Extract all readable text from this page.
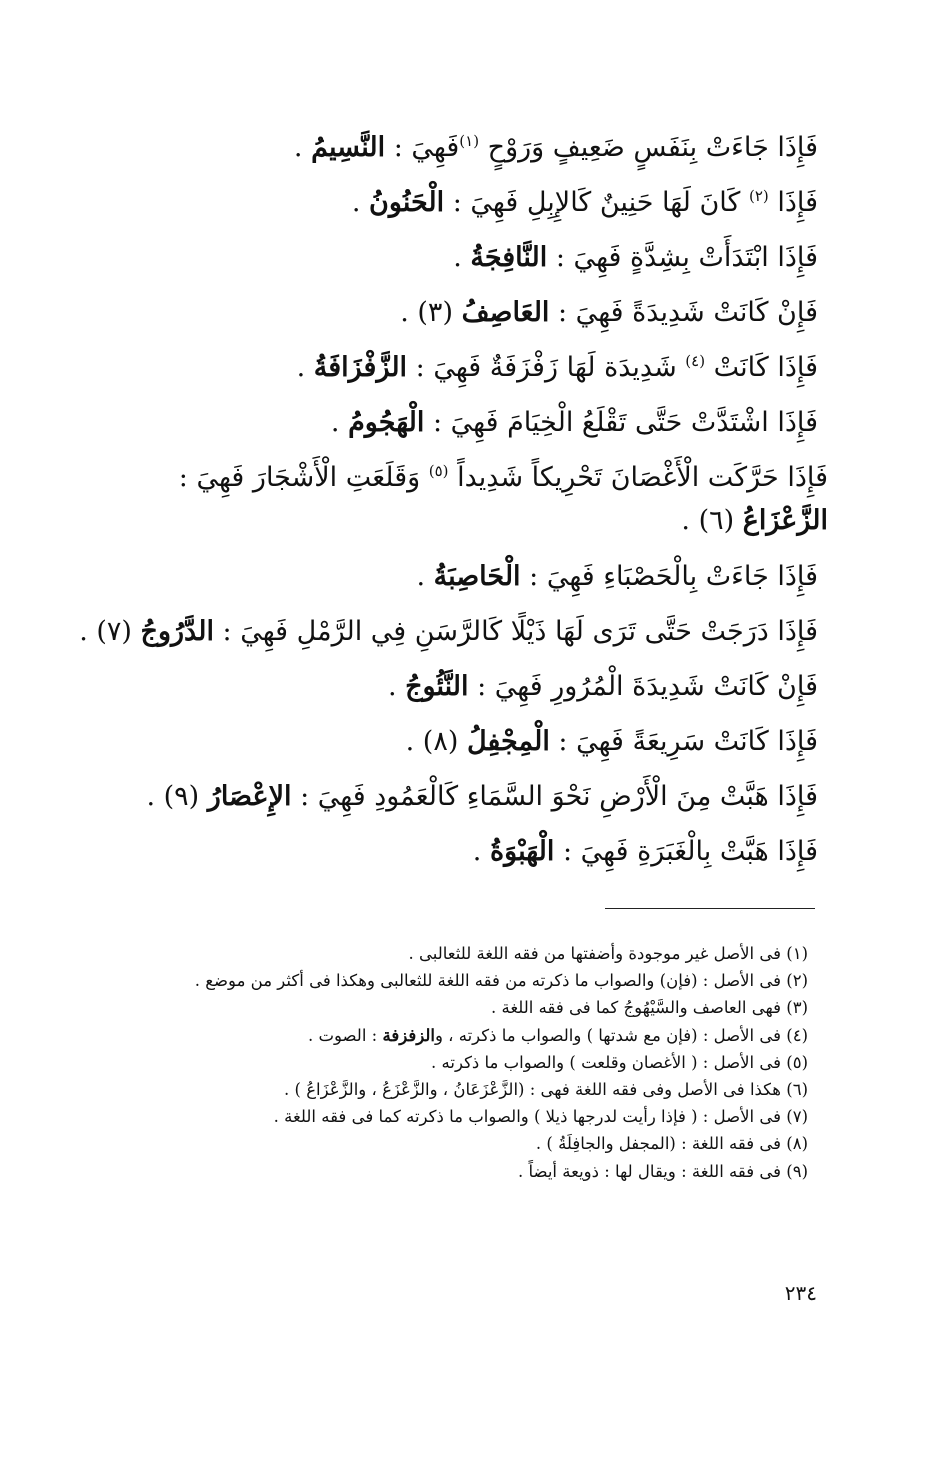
فَإِذَا جَاءَتْ بِنَفَسٍ ضَعِيفٍ وَرَوْحٍ $^{(١)}$فَهِيَ : النَّسِيمُ .
فَإِذَا $^{(٢)}$ كَانَ لَهَا حَنِينٌ كَالإِبِلِ فَهِيَ : الْحَنُونُ .
فَإِذَا ابْتَدَأَتْ بِشِدَّةٍ فَهِيَ : النَّافِجَةُ .
فَإِنْ كَانَتْ شَدِيدَةً فَهِيَ : العَاصِفُ (٣) .
فَإِذَا كَانَتْ $^{(٤)}$ شَدِيدَة لَهَا زَفْزَفَةٌ فَهِيَ : الزَّفْزَافَةُ .
فَإِذَا اشْتَدَّتْ حَتَّى تَقْلَعُ الْخِيَامَ فَهِيَ : الْهَجُومُ .
فَإِذَا حَرَّكَت الْأَغْصَانَ تَحْرِيكاً شَدِيداً $^{(٥)}$ وَقَلَعَتِ الْأَشْجَارَ فَهِيَ :
الزَّعْزَاعُ (٦) .
فَإِذَا جَاءَتْ بِالْحَصْبَاءِ فَهِيَ : الْحَاصِبَةُ .
فَإِذَا دَرَجَتْ حَتَّى تَرَى لَهَا ذَيْلًا كَالرَّسَنِ فِي الرَّمْلِ فَهِيَ : الدَّرُوجُ (٧) .
فَإِنْ كَانَتْ شَدِيدَةَ الْمُرُورِ فَهِيَ : النَّئُوجُ .
فَإِذَا كَانَتْ سَرِيعَةً فَهِيَ : الْمِجْفِلُ (٨) .
فَإِذَا هَبَّتْ مِنَ الْأَرْضِ نَحْوَ السَّمَاءِ كَالْعَمُودِ فَهِيَ : الإِعْصَارُ (٩) .
فَإِذَا هَبَّتْ بِالْغَبَرَةِ فَهِيَ : الْهَبْوَةُ .
(١) فى الأصل غير موجودة وأضفتها من فقه اللغة للثعالبى .
(٢) فى الأصل : (فإن) والصواب ما ذكرته من فقه اللغة للثعالبى وهكذا فى أكثر من موضع .
(٣) فهى العاصف والسَّيْهُوجُ كما فى فقه اللغة .
(٤) فى الأصل : (فإن مع شدتها ) والصواب ما ذكرته ، والزفزفة : الصوت .
(٥) فى الأصل : ( الأغصان وقلعت ) والصواب ما ذكرته .
(٦) هكذا فى الأصل وفى فقه اللغة فهى : (الزَّعْزَعَانُ ، والزَّعْزَعُ ، والزَّعْزَاعُ ) .
(٧) فى الأصل : ( فإذا رأيت لدرجها ذيلا ) والصواب ما ذكرته كما فى فقه اللغة .
(٨) فى فقه اللغة : (المجفل والجافِلَةُ ) .
(٩) فى فقه اللغة : ويقال لها : ذويعة أيضاً .
٢٣٤
